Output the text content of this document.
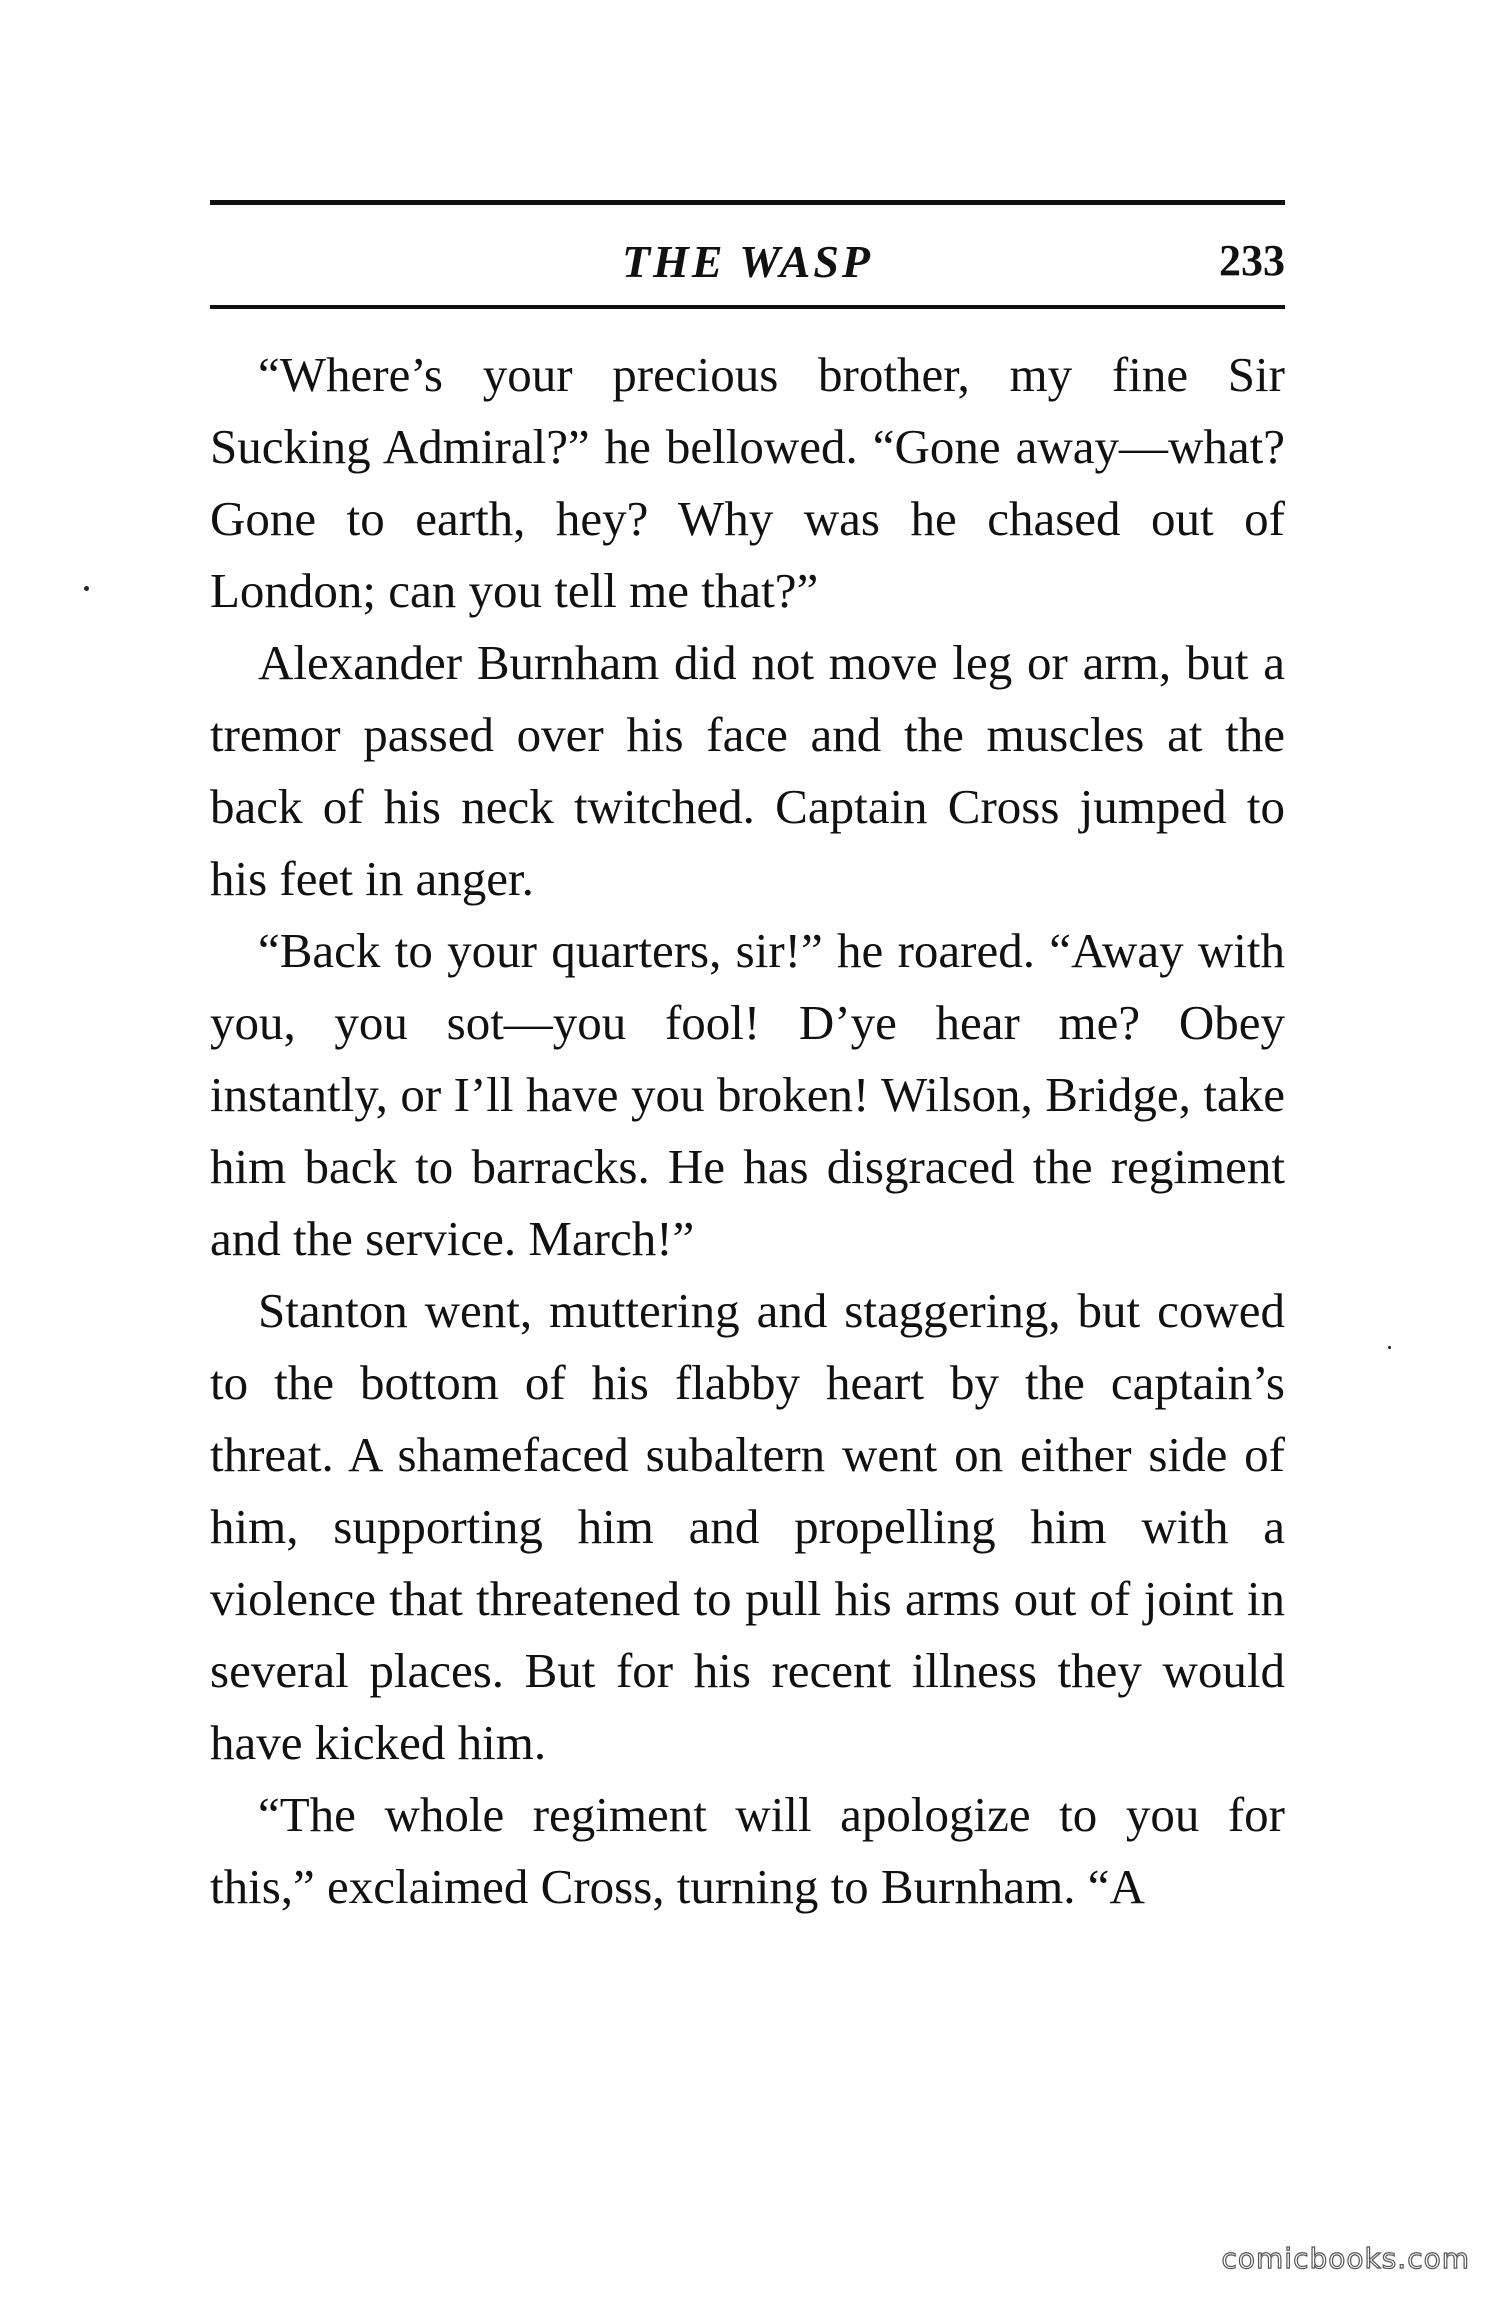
THE WASP	233

“Where’s your precious brother, my fine Sir Sucking Admiral?” he bellowed. “Gone away—what? Gone to earth, hey? Why was he chased out of London; can you tell me that?”

Alexander Burnham did not move leg or arm, but a tremor passed over his face and the muscles at the back of his neck twitched. Captain Cross jumped to his feet in anger.

“Back to your quarters, sir!” he roared. “Away with you, you sot—you fool! D’ye hear me? Obey instantly, or I’ll have you broken! Wilson, Bridge, take him back to barracks. He has disgraced the regiment and the service. March!”

Stanton went, muttering and staggering, but cowed to the bottom of his flabby heart by the captain’s threat. A shamefaced subaltern went on either side of him, supporting him and propelling him with a violence that threatened to pull his arms out of joint in several places. But for his recent illness they would have kicked him.

“The whole regiment will apologize to you for this,” exclaimed Cross, turning to Burnham. “A

comicbooks.com
